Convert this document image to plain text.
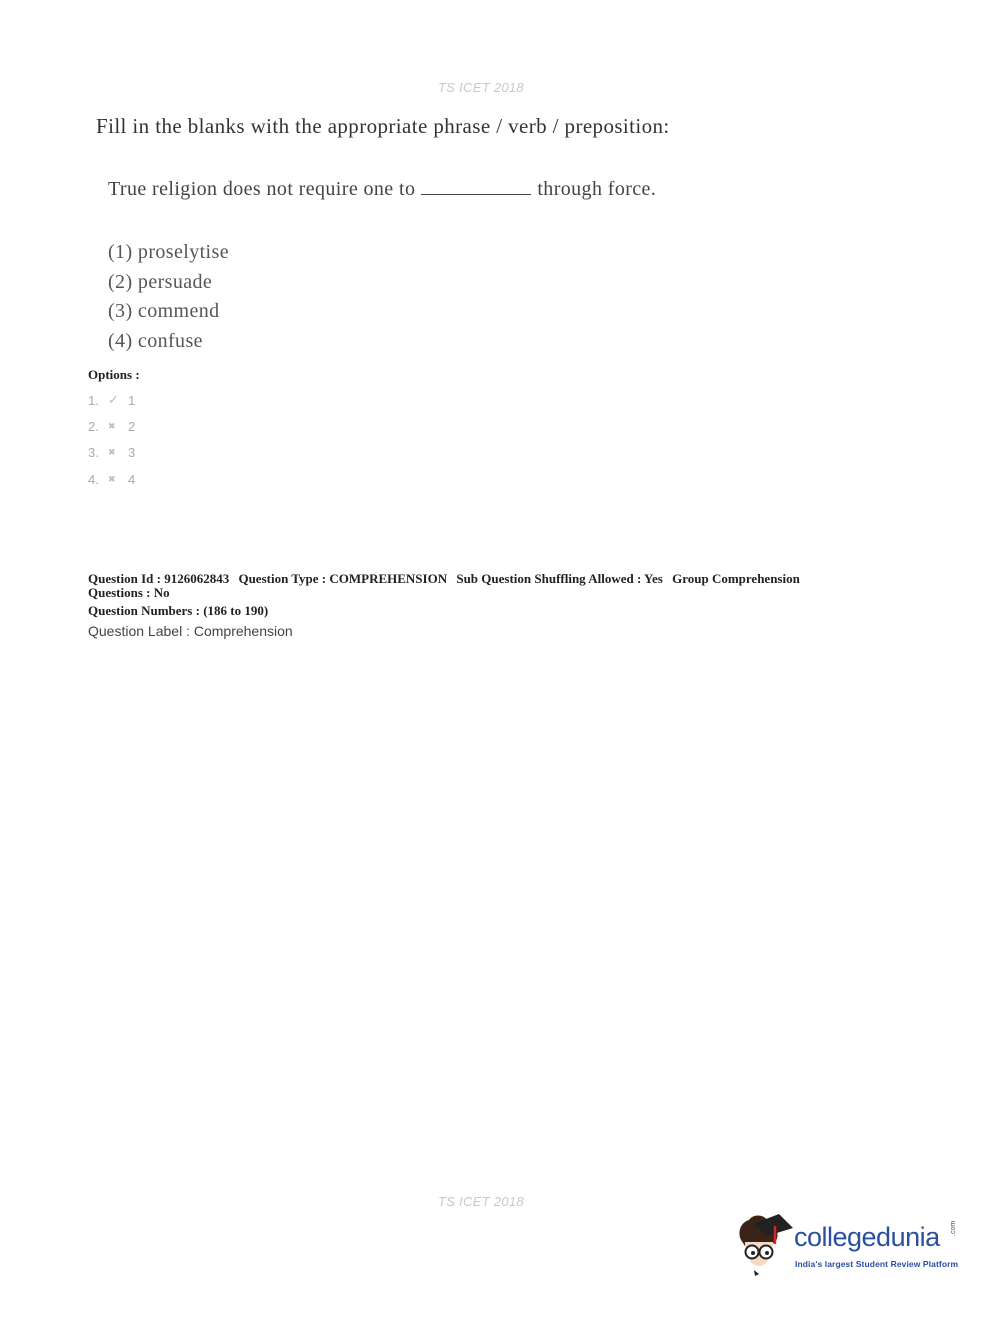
TS ICET 2018
Fill in the blanks with the appropriate phrase / verb / preposition:
True religion does not require one to	through force.
(1) proselytise
(2) persuade
(3) commend
(4) confuse
Options :
1. ✓ 1
2.	✖ 2
3.	✖ 3
4.	✖ 4
Question Id : 9126062843 Question Type : COMPREHENSION Sub Question Shuffling Allowed : Yes Group Comprehension Questions : No
Question Numbers : (186 to 190)
Question Label : Comprehension
TS ICET 2018
collegedunia .com
India's largest Student Review Platform
